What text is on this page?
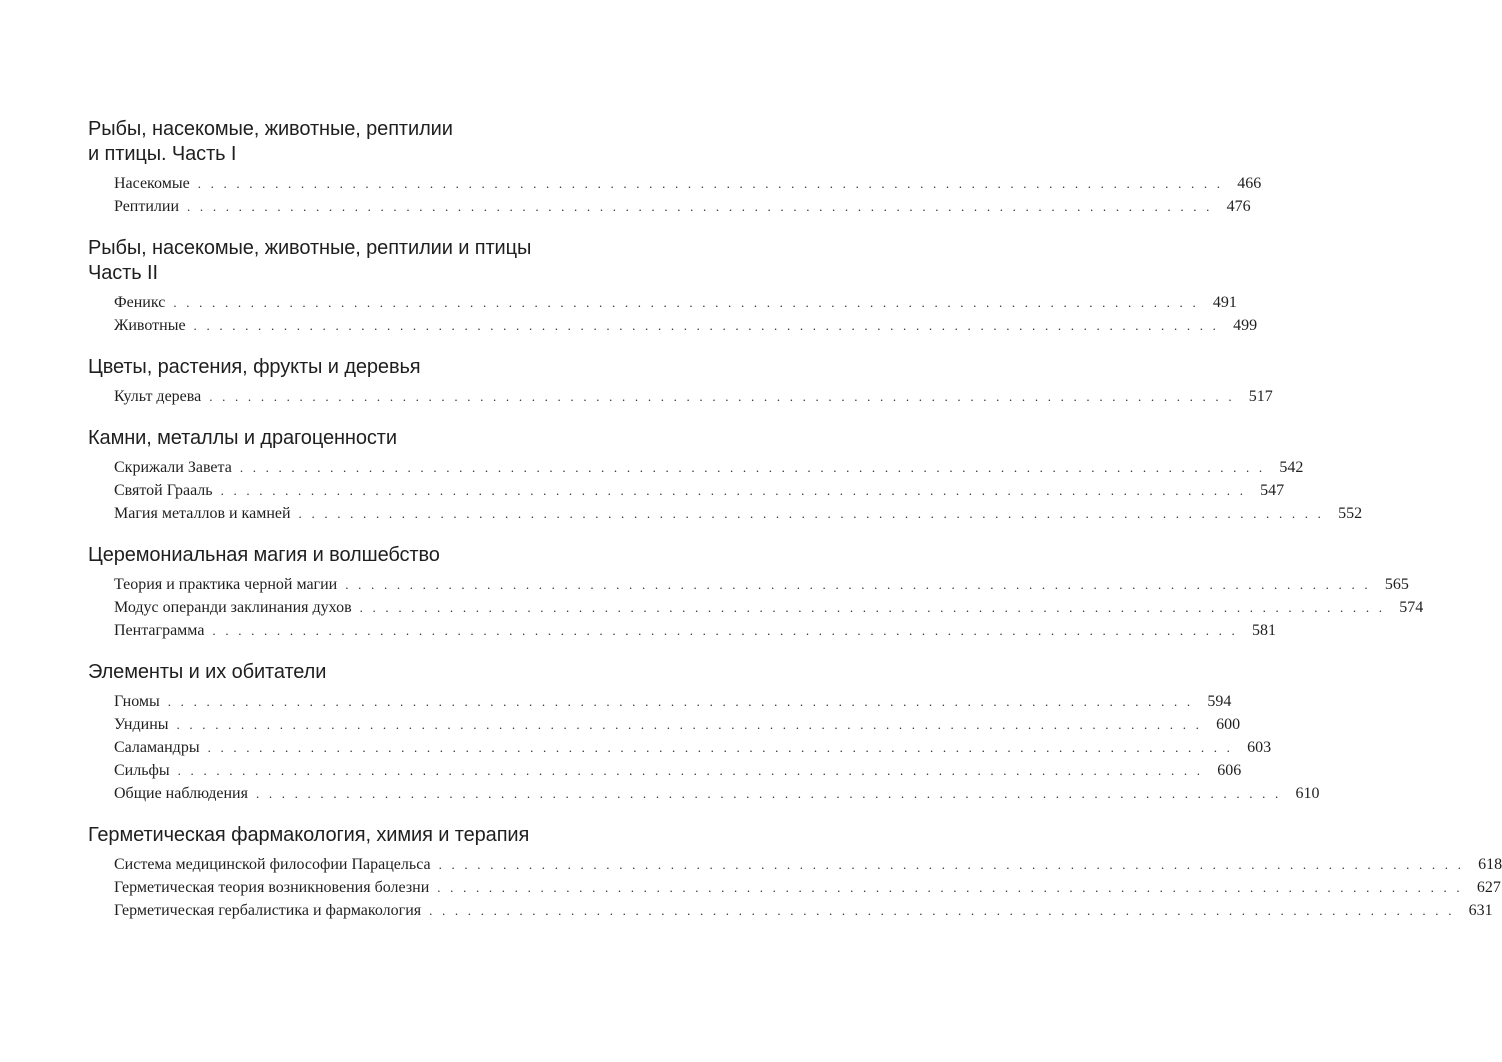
Рыбы, насекомые, животные, рептилии
и птицы. Часть I
Насекомые . . . . . . . . . . . . . . . . . . . . . . . . . . . . . . . . . . . . . . . . . . . . . . . . . . . . . . . . . . . . . . . . . . . . . . . . . . . . . . . . 466
Рептилии . . . . . . . . . . . . . . . . . . . . . . . . . . . . . . . . . . . . . . . . . . . . . . . . . . . . . . . . . . . . . . . . . . . . . . . . . . . . . . . . 476
Рыбы, насекомые, животные, рептилии и птицы
Часть II
Феникс . . . . . . . . . . . . . . . . . . . . . . . . . . . . . . . . . . . . . . . . . . . . . . . . . . . . . . . . . . . . . . . . . . . . . . . . . . . . . . . . 491
Животные . . . . . . . . . . . . . . . . . . . . . . . . . . . . . . . . . . . . . . . . . . . . . . . . . . . . . . . . . . . . . . . . . . . . . . . . . . . . . . . . 499
Цветы, растения, фрукты и деревья
Культ дерева . . . . . . . . . . . . . . . . . . . . . . . . . . . . . . . . . . . . . . . . . . . . . . . . . . . . . . . . . . . . . . . . . . . . . . . . . . . . . . . . 517
Камни, металлы и драгоценности
Скрижали Завета . . . . . . . . . . . . . . . . . . . . . . . . . . . . . . . . . . . . . . . . . . . . . . . . . . . . . . . . . . . . . . . . . . . . . . . . . . . . . . . . 542
Святой Грааль . . . . . . . . . . . . . . . . . . . . . . . . . . . . . . . . . . . . . . . . . . . . . . . . . . . . . . . . . . . . . . . . . . . . . . . . . . . . . . . . 547
Магия металлов и камней . . . . . . . . . . . . . . . . . . . . . . . . . . . . . . . . . . . . . . . . . . . . . . . . . . . . . . . . . . . . . . . . . . . . . . . . . . . . . . . . 552
Церемониальная магия и волшебство
Теория и практика черной магии . . . . . . . . . . . . . . . . . . . . . . . . . . . . . . . . . . . . . . . . . . . . . . . . . . . . . . . . . . . . . . . . . . . . . . . . . . . . . . . . 565
Модус операнди заклинания духов . . . . . . . . . . . . . . . . . . . . . . . . . . . . . . . . . . . . . . . . . . . . . . . . . . . . . . . . . . . . . . . . . . . . . . . . . . . . . . . . 574
Пентаграмма . . . . . . . . . . . . . . . . . . . . . . . . . . . . . . . . . . . . . . . . . . . . . . . . . . . . . . . . . . . . . . . . . . . . . . . . . . . . . . . . 581
Элементы и их обитатели
Гномы . . . . . . . . . . . . . . . . . . . . . . . . . . . . . . . . . . . . . . . . . . . . . . . . . . . . . . . . . . . . . . . . . . . . . . . . . . . . . . . . 594
Ундины . . . . . . . . . . . . . . . . . . . . . . . . . . . . . . . . . . . . . . . . . . . . . . . . . . . . . . . . . . . . . . . . . . . . . . . . . . . . . . . . 600
Саламандры . . . . . . . . . . . . . . . . . . . . . . . . . . . . . . . . . . . . . . . . . . . . . . . . . . . . . . . . . . . . . . . . . . . . . . . . . . . . . . . . 603
Сильфы . . . . . . . . . . . . . . . . . . . . . . . . . . . . . . . . . . . . . . . . . . . . . . . . . . . . . . . . . . . . . . . . . . . . . . . . . . . . . . . . 606
Общие наблюдения . . . . . . . . . . . . . . . . . . . . . . . . . . . . . . . . . . . . . . . . . . . . . . . . . . . . . . . . . . . . . . . . . . . . . . . . . . . . . . . . 610
Герметическая фармакология, химия и терапия
Система медицинской философии Парацельса . . . . . . . . . . . . . . . . . . . . . . . . . . . . . . . . . . . . . . . . . . . . . . . . . . . . . . . . . . . . . . . . . . . . . . . . . . . . . . . . 618
Герметическая теория возникновения болезни . . . . . . . . . . . . . . . . . . . . . . . . . . . . . . . . . . . . . . . . . . . . . . . . . . . . . . . . . . . . . . . . . . . . . . . . . . . . . . . . 627
Герметическая гербалистика и фармакология . . . . . . . . . . . . . . . . . . . . . . . . . . . . . . . . . . . . . . . . . . . . . . . . . . . . . . . . . . . . . . . . . . . . . . . . . . . . . . . . 631
